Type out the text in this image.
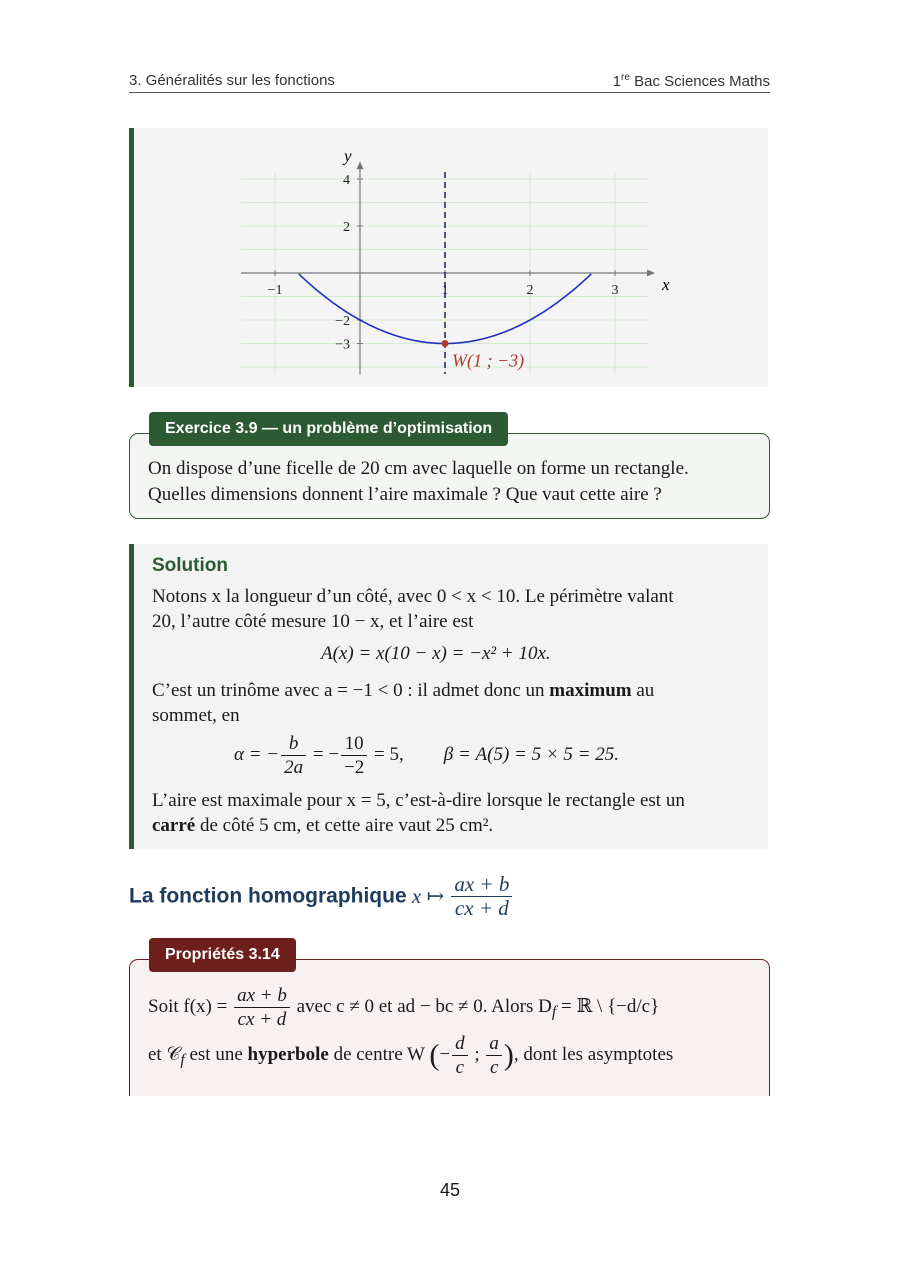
3. Généralités sur les fonctions	1re Bac Sciences Maths
−1	1	2	3
4
2
−2
−3
W(1 ; −3)
x
y
Exercice 3.9 — un problème d’optimisation

On dispose d’une ficelle de 20 cm avec laquelle on forme un rectangle.
Quelles dimensions donnent l’aire maximale ? Que vaut cette aire ?

Solution

Notons x la longueur d’un côté, avec 0 < x < 10. Le périmètre valant
20, l’autre côté mesure 10 − x, et l’aire est

A(x) = x(10 − x) = −x² + 10x.

C’est un trinôme avec a = −1 < 0 : il admet donc un maximum au
sommet, en

α = − $\frac{b}{2a}$ = − $\frac{10}{-2} = 5$, β = A(5) = 5 × 5 = 25.

L’aire est maximale pour x = 5, c’est-à-dire lorsque le rectangle est un
carré de côté 5 cm, et cette aire vaut 25 cm².

La fonction homographique x ↦ $\frac{ax + b}{cx + d}$
Propriétés 3.14
Soit $f(x) = \frac{ax + b}{cx + d}$ avec c ≠ 0 et ad − bc ≠ 0. Alors $D_f$ = ℝ \ {−d/c}
et 𝒞$_f$ est une hyperbole de centre W (− $\frac{d}{c}$ ; $\frac{a}{c}$ ), dont les asymptotes
45
